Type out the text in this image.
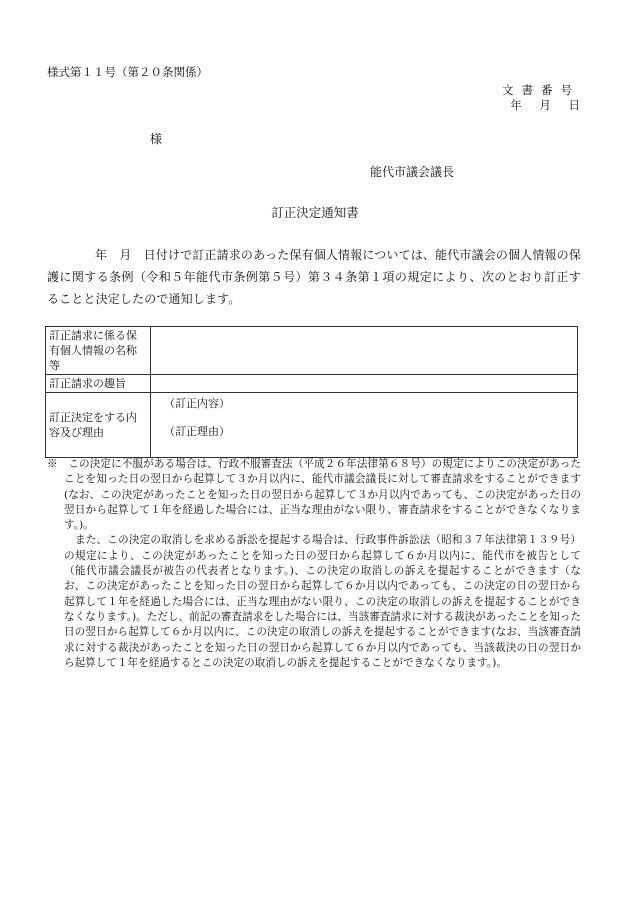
様式第１１号（第２０条関係）
文書番号
年 月 日
様
能代市議会議長
訂正決定通知書

年　月　日付けで訂正請求のあった保有個人情報については、能代市議会の個人情報の保護に関する条例（令和５年能代市条例第５号）第３４条第１項の規定により、次のとおり訂正することと決定したので通知します。

訂正請求に係る保有個人情報の名称等	
訂正請求の趣旨	
訂正決定をする内容及び理由	（訂正内容）
（訂正理由）

※　この決定に不服がある場合は、行政不服審査法（平成２６年法律第６８号）の規定によりこの決定があったことを知った日の翌日から起算して３か月以内に、能代市議会議長に対して審査請求をすることができます(なお、この決定があったことを知った日の翌日から起算して３か月以内であっても、この決定があった日の翌日から起算して１年を経過した場合には、正当な理由がない限り、審査請求をすることができなくなります。)。

また、この決定の取消しを求める訴訟を提起する場合は、行政事件訴訟法（昭和３７年法律第１３９号）の規定により、この決定があったことを知った日の翌日から起算して６か月以内に、能代市を被告として（能代市議会議長が被告の代表者となります。)、この決定の取消しの訴えを提起することができます（なお、この決定があったことを知った日の翌日から起算して６か月以内であっても、この決定の日の翌日から起算して１年を経過した場合には、正当な理由がない限り、この決定の取消しの訴えを提起することができなくなります。)。ただし、前記の審査請求をした場合には、当該審査請求に対する裁決があったことを知った日の翌日から起算して６か月以内に、この決定の取消しの訴えを提起することができます(なお、当該審査請求に対する裁決があったことを知った日の翌日から起算して６か月以内であっても、当該裁決の日の翌日から起算して１年を経過するとこの決定の取消しの訴えを提起することができなくなります。)。
